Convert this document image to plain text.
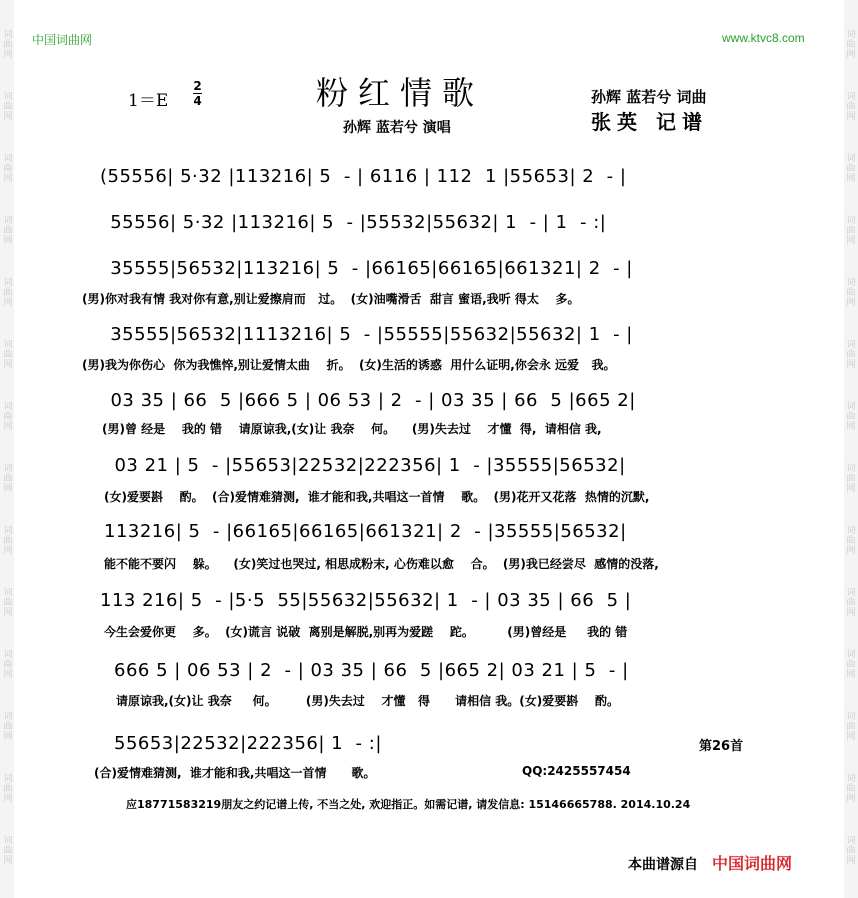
中国词曲网	www.ktvc8.com
1＝E
2
4	粉红情歌
孙辉 蓝若兮 演唱
孙辉 蓝若兮 词曲
张英 记谱
(55556| 5·32 |113216| 5  - | 6116 | 112  1 |55653| 2  - |
55556| 5·32 |113216| 5  - |55532|55632| 1  - | 1  - :|
35555|56532|113216| 5  - |66165|66165|661321| 2  - |
(男)你对我有情 我对你有意,别让爱擦肩而   过。  (女)油嘴滑舌  甜言 蜜语,我听 得太    多。
35555|56532|1113216| 5  - |55555|55632|55632| 1  - |
(男)我为你伤心  你为我憔悴,别让爱情太曲    折。  (女)生活的诱惑  用什么证明,你会永 远爱   我。
03 35 | 66  5 |666 5 | 06 53 | 2  - | 03 35 | 66  5 |665 2|
(男)曾 经是    我的 错    请原谅我,(女)让 我奈    何。    (男)失去过    才懂  得,  请相信 我,
03 21 | 5  - |55653|22532|222356| 1  - |35555|56532|
(女)爱要斟    酌。  (合)爱情难猜测,  谁才能和我,共唱这一首情    歌。  (男)花开又花落  热情的沉默,
113216| 5  - |66165|66165|661321| 2  - |35555|56532|
能不能不要闪    躲。    (女)笑过也哭过, 相思成粉末, 心伤难以愈    合。  (男)我已经尝尽  感情的没落,
113 216| 5  - |5·5  55|55632|55632| 1  - | 03 35 | 66  5 |
今生会爱你更    多。  (女)谎言 说破  离别是解脱,别再为爱蹉    跎。        (男)曾经是     我的 错
666 5 | 06 53 | 2  - | 03 35 | 66  5 |665 2| 03 21 | 5  - |
请原谅我,(女)让 我奈     何。       (男)失去过    才懂   得      请相信 我。(女)爱要斟    酌。
55653|22532|222356| 1  - :|
(合)爱情难猜测,  谁才能和我,共唱这一首情      歌。
第26首
QQ:2425557454
应18771583219朋友之约记谱上传, 不当之处, 欢迎指正。如需记谱, 请发信息: 15146665788. 2014.10.24
本曲谱源自 中国词曲网
词
曲
网
词
曲
网
词
曲
网
词
曲
网
词
曲
网
词
曲
网
词
曲
网
词
曲
网
词
曲
网
词
曲
网
词
曲
网
词
曲
网
词
曲
网
词
曲
网
词
曲
网
词
曲
网
词
曲
网
词
曲
网
词
曲
网
词
曲
网
词
曲
网
词
曲
网
词
曲
网
词
曲
网
词
曲
网
词
曲
网
词
曲
网
词
曲
网
